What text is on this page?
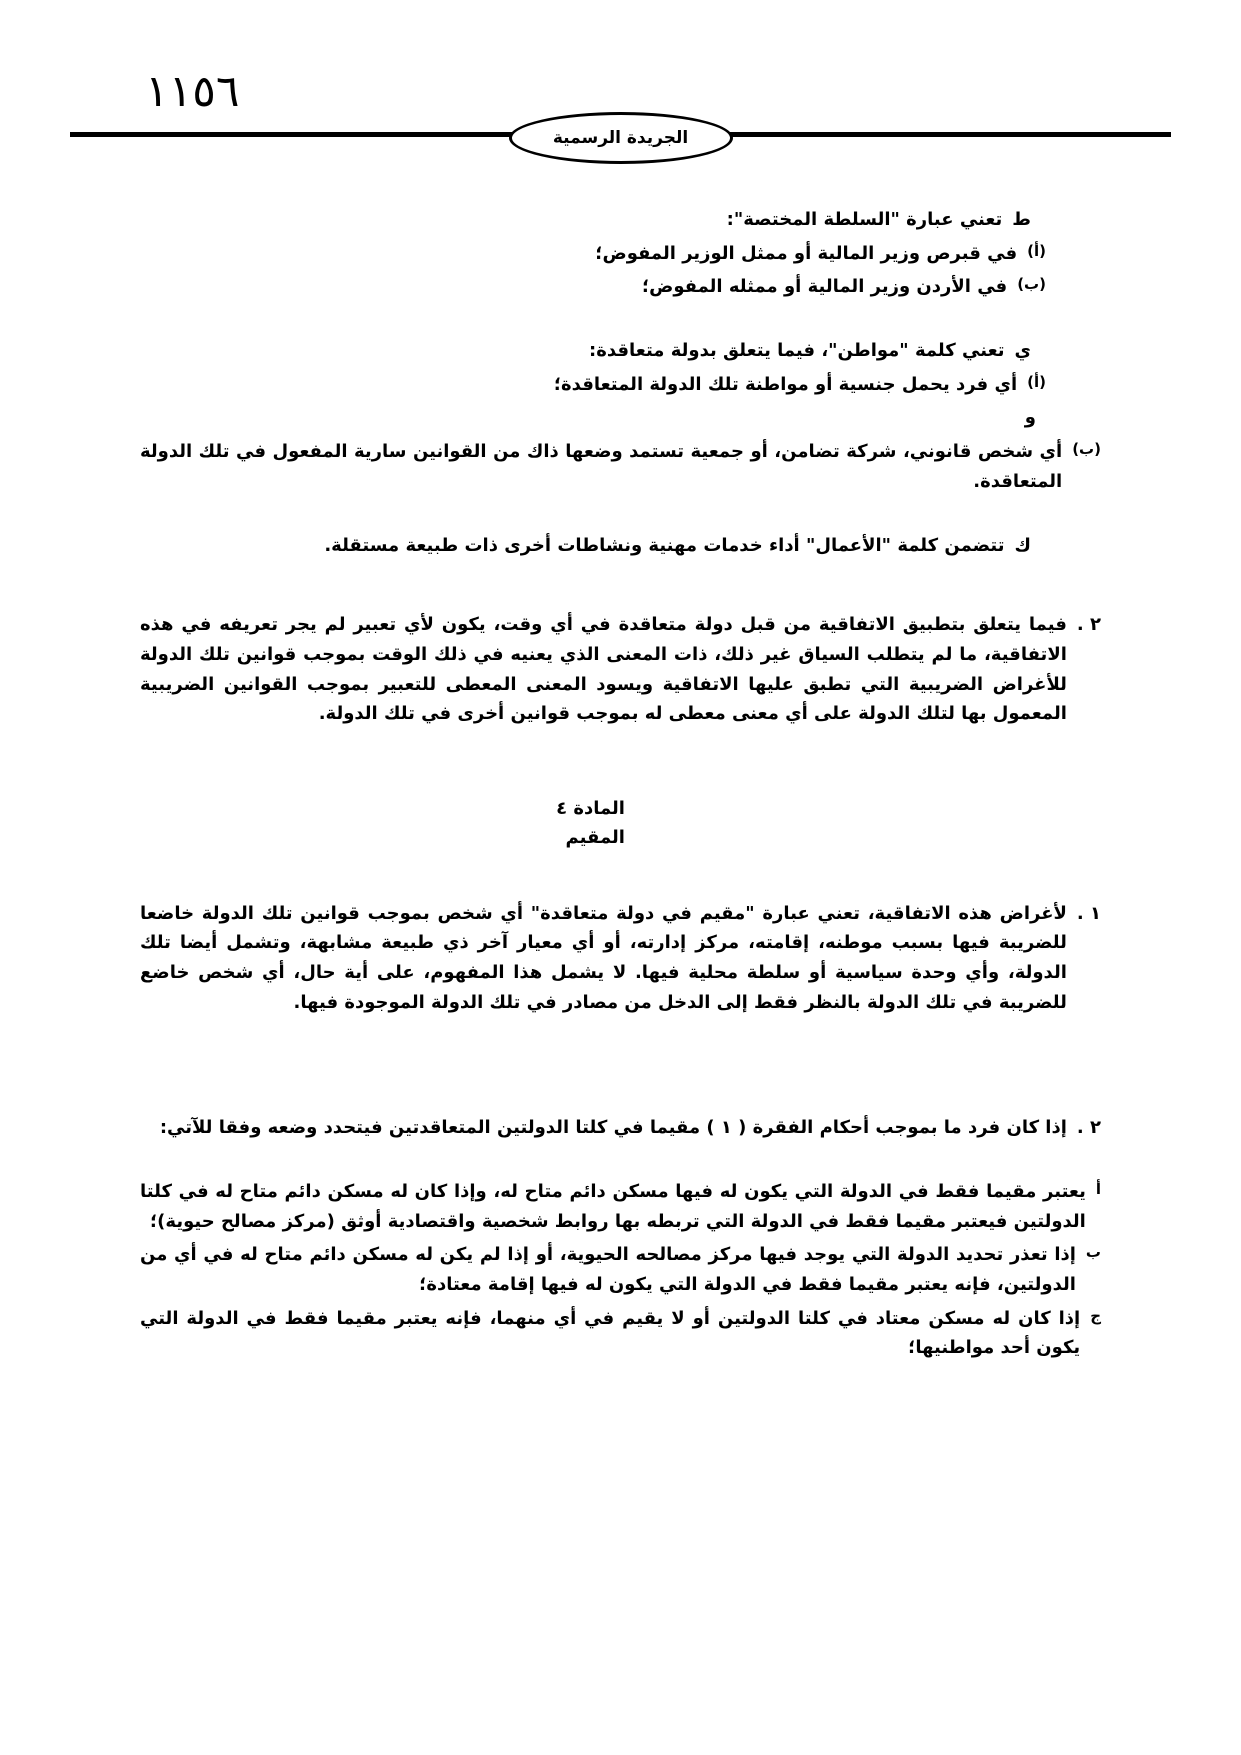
١١٥٦
الجريدة الرسمية
ط
تعني عبارة "السلطة المختصة":
(أ)
في قبرص وزير المالية أو ممثل الوزير المفوض؛
(ب)
في الأردن وزير المالية أو ممثله المفوض؛
ي
تعني كلمة "مواطن"، فيما يتعلق بدولة متعاقدة:
(أ)
أي فرد يحمل جنسية أو مواطنة تلك الدولة المتعاقدة؛
و
(ب)
أي شخص قانوني، شركة تضامن، أو جمعية تستمد وضعها ذاك من القوانين سارية المفعول في تلك الدولة المتعاقدة.
ك
تتضمن كلمة "الأعمال" أداء خدمات مهنية ونشاطات أخرى ذات طبيعة مستقلة.
٢ .
فيما يتعلق بتطبيق الاتفاقية من قبل دولة متعاقدة في أي وقت، يكون لأي تعبير لم يجر تعريفه في هذه الاتفاقية، ما لم يتطلب السياق غير ذلك، ذات المعنى الذي يعنيه في ذلك الوقت بموجب قوانين تلك الدولة للأغراض الضريبية التي تطبق عليها الاتفاقية ويسود المعنى المعطى للتعبير بموجب القوانين الضريبية المعمول بها لتلك الدولة على أي معنى معطى له بموجب قوانين أخرى في تلك الدولة.
المادة ٤
المقيم
١ .
لأغراض هذه الاتفاقية، تعني عبارة "مقيم في دولة متعاقدة" أي شخص بموجب قوانين تلك الدولة خاضعا للضريبة فيها بسبب موطنه، إقامته، مركز إدارته، أو أي معيار آخر ذي طبيعة مشابهة، وتشمل أيضا تلك الدولة، وأي وحدة سياسية أو سلطة محلية فيها. لا يشمل هذا المفهوم، على أية حال، أي شخص خاضع للضريبة في تلك الدولة بالنظر فقط إلى الدخل من مصادر في تلك الدولة الموجودة فيها.
٢ .
إذا كان فرد ما بموجب أحكام الفقرة ( ١ ) مقيما في كلتا الدولتين المتعاقدتين فيتحدد وضعه وفقا للآتي:
أ
يعتبر مقيما فقط في الدولة التي يكون له فيها مسكن دائم متاح له، وإذا كان له مسكن دائم متاح له في كلتا الدولتين فيعتبر مقيما فقط في الدولة التي تربطه بها روابط شخصية واقتصادية أوثق (مركز مصالح حيوية)؛
ب
إذا تعذر تحديد الدولة التي يوجد فيها مركز مصالحه الحيوية، أو إذا لم يكن له مسكن دائم متاح له في أي من الدولتين، فإنه يعتبر مقيما فقط في الدولة التي يكون له فيها إقامة معتادة؛
ج
إذا كان له مسكن معتاد في كلتا الدولتين أو لا يقيم في أي منهما، فإنه يعتبر مقيما فقط في الدولة التي يكون أحد مواطنيها؛
